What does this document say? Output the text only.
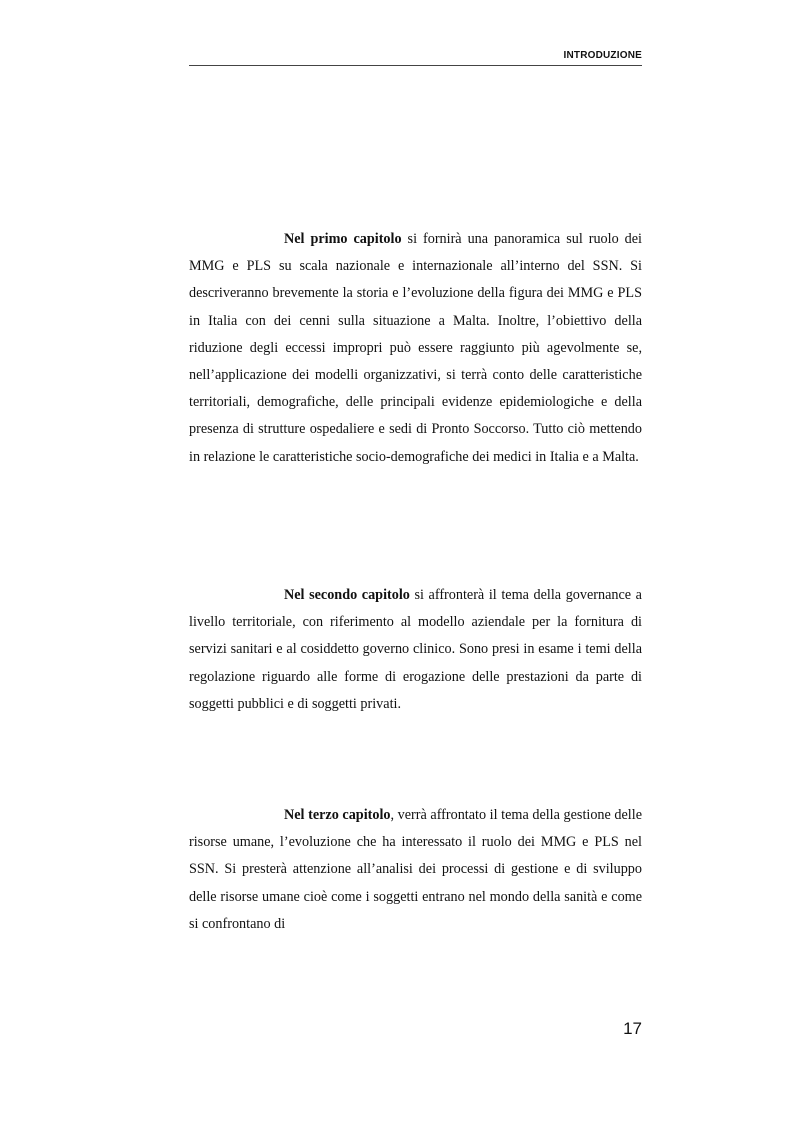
INTRODUZIONE

Nel primo capitolo si fornirà una panoramica sul ruolo dei MMG e PLS su scala nazionale e internazionale all’interno del SSN. Si descriveranno brevemente la storia e l’evoluzione della figura dei MMG e PLS in Italia con dei cenni sulla situazione a Malta. Inoltre, l’obiettivo della riduzione degli eccessi impropri può essere raggiunto più agevolmente se, nell’applicazione dei modelli organizzativi, si terrà conto delle caratteristiche territoriali, demografiche, delle principali evidenze epidemiologiche e della presenza di strutture ospedaliere e sedi di Pronto Soccorso. Tutto ciò mettendo in relazione le caratteristiche socio-demografiche dei medici in Italia e a Malta.

Nel secondo capitolo si affronterà il tema della governance a livello territoriale, con riferimento al modello aziendale per la fornitura di servizi sanitari e al cosiddetto governo clinico. Sono presi in esame i temi della regolazione riguardo alle forme di erogazione delle prestazioni da parte di soggetti pubblici e di soggetti privati.

Nel terzo capitolo, verrà affrontato il tema della gestione delle risorse umane, l’evoluzione che ha interessato il ruolo dei MMG e PLS nel SSN. Si presterà attenzione all’analisi dei processi di gestione e di sviluppo delle risorse umane cioè come i soggetti entrano nel mondo della sanità e come si confrontano di

17
